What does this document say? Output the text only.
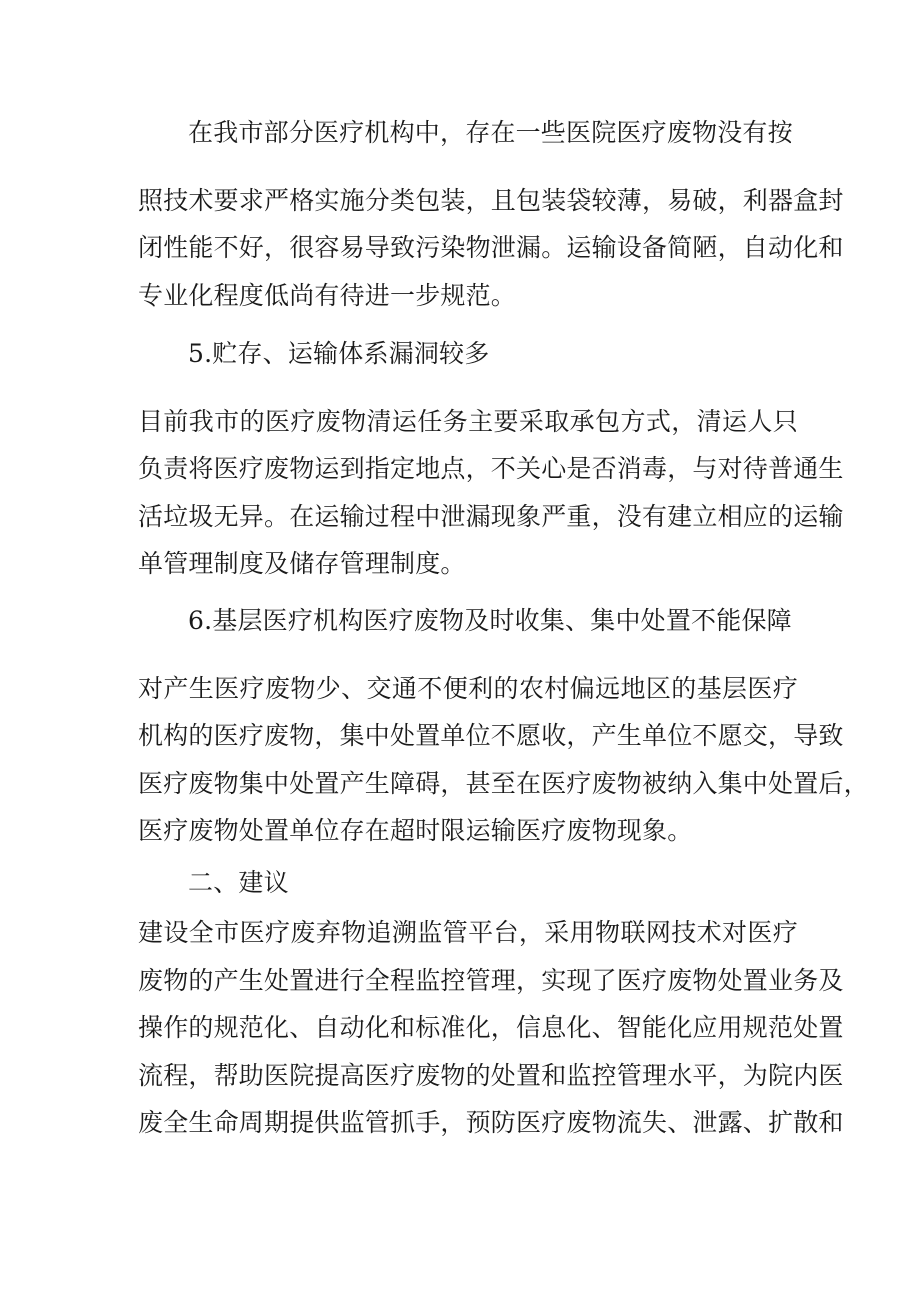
在我市部分医疗机构中，存在一些医院医疗废物没有按

照技术要求严格实施分类包装，且包装袋较薄，易破，利器盒封

闭性能不好，很容易导致污染物泄漏。运输设备简陋，自动化和

专业化程度低尚有待进一步规范。

5.贮存、运输体系漏洞较多

目前我市的医疗废物清运任务主要采取承包方式，清运人只

负责将医疗废物运到指定地点，不关心是否消毒，与对待普通生

活垃圾无异。在运输过程中泄漏现象严重，没有建立相应的运输

单管理制度及储存管理制度。

6.基层医疗机构医疗废物及时收集、集中处置不能保障

对产生医疗废物少、交通不便利的农村偏远地区的基层医疗

机构的医疗废物，集中处置单位不愿收，产生单位不愿交，导致

医疗废物集中处置产生障碍，甚至在医疗废物被纳入集中处置后，

医疗废物处置单位存在超时限运输医疗废物现象。

二、建议

建设全市医疗废弃物追溯监管平台，采用物联网技术对医疗

废物的产生处置进行全程监控管理，实现了医疗废物处置业务及

操作的规范化、自动化和标准化，信息化、智能化应用规范处置

流程，帮助医院提高医疗废物的处置和监控管理水平，为院内医

废全生命周期提供监管抓手，预防医疗废物流失、泄露、扩散和
